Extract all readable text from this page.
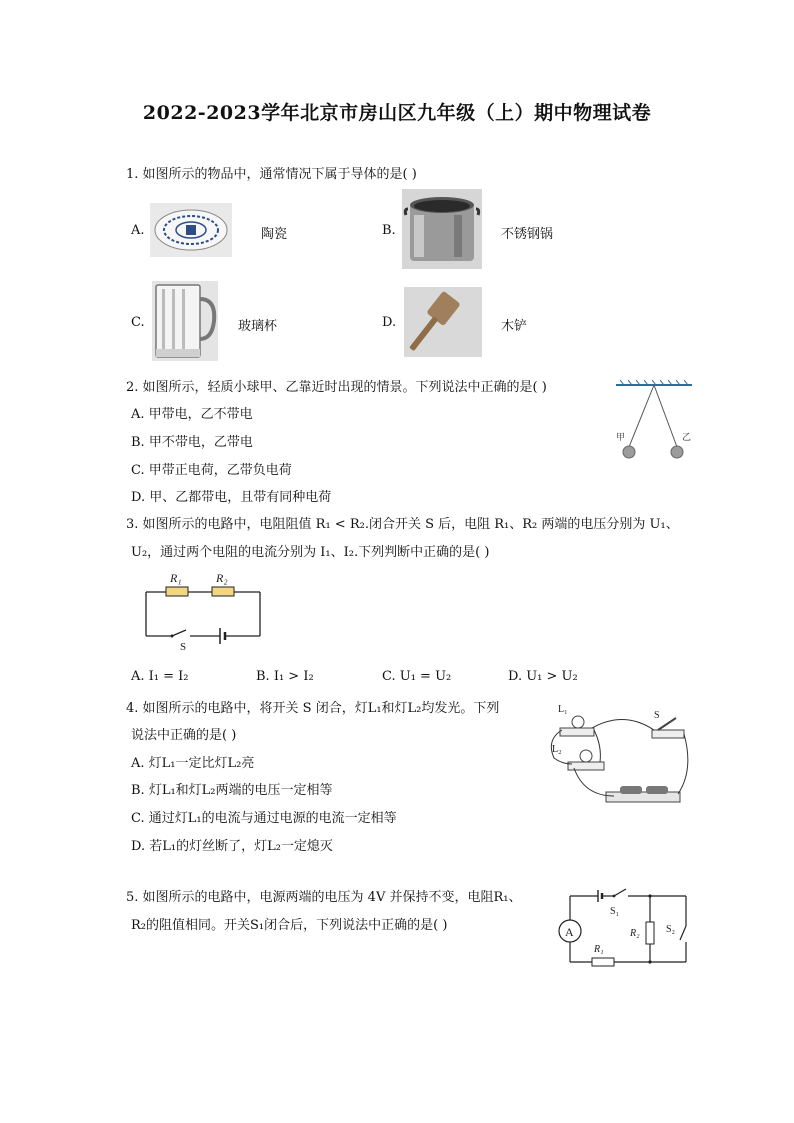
2022-2023学年北京市房山区九年级（上）期中物理试卷
1. 如图所示的物品中，通常情况下属于导体的是( )
A.	陶瓷	B.	不锈钢锅
C.	玻璃杯	D.	木铲
2. 如图所示，轻质小球甲、乙靠近时出现的情景。下列说法中正确的是( )
A. 甲带电，乙不带电
B. 甲不带电，乙带电
C. 甲带正电荷，乙带负电荷
D. 甲、乙都带电，且带有同种电荷
甲	乙
3. 如图所示的电路中，电阻阻值 R₁ < R₂.闭合开关 S 后，电阻 R₁、R₂ 两端的电压分别为 U₁、
U₂，通过两个电阻的电流分别为 I₁、I₂.下列判断中正确的是( )
R₁	R₂
S
A. I₁ = I₂	B. I₁ > I₂	C. U₁ = U₂	D. U₁ > U₂
4. 如图所示的电路中，将开关 S 闭合，灯L₁和灯L₂均发光。下列
说法中正确的是( )
A. 灯L₁一定比灯L₂亮
B. 灯L₁和灯L₂两端的电压一定相等
C. 通过灯L₁的电流与通过电源的电流一定相等
D. 若L₁的灯丝断了，灯L₂一定熄灭
L₁
L₂
S
5. 如图所示的电路中，电源两端的电压为 4V 并保持不变，电阻R₁、
R₂的阻值相同。开关S₁闭合后，下列说法中正确的是( )	A
S₁
S₂
R₁
R₂
